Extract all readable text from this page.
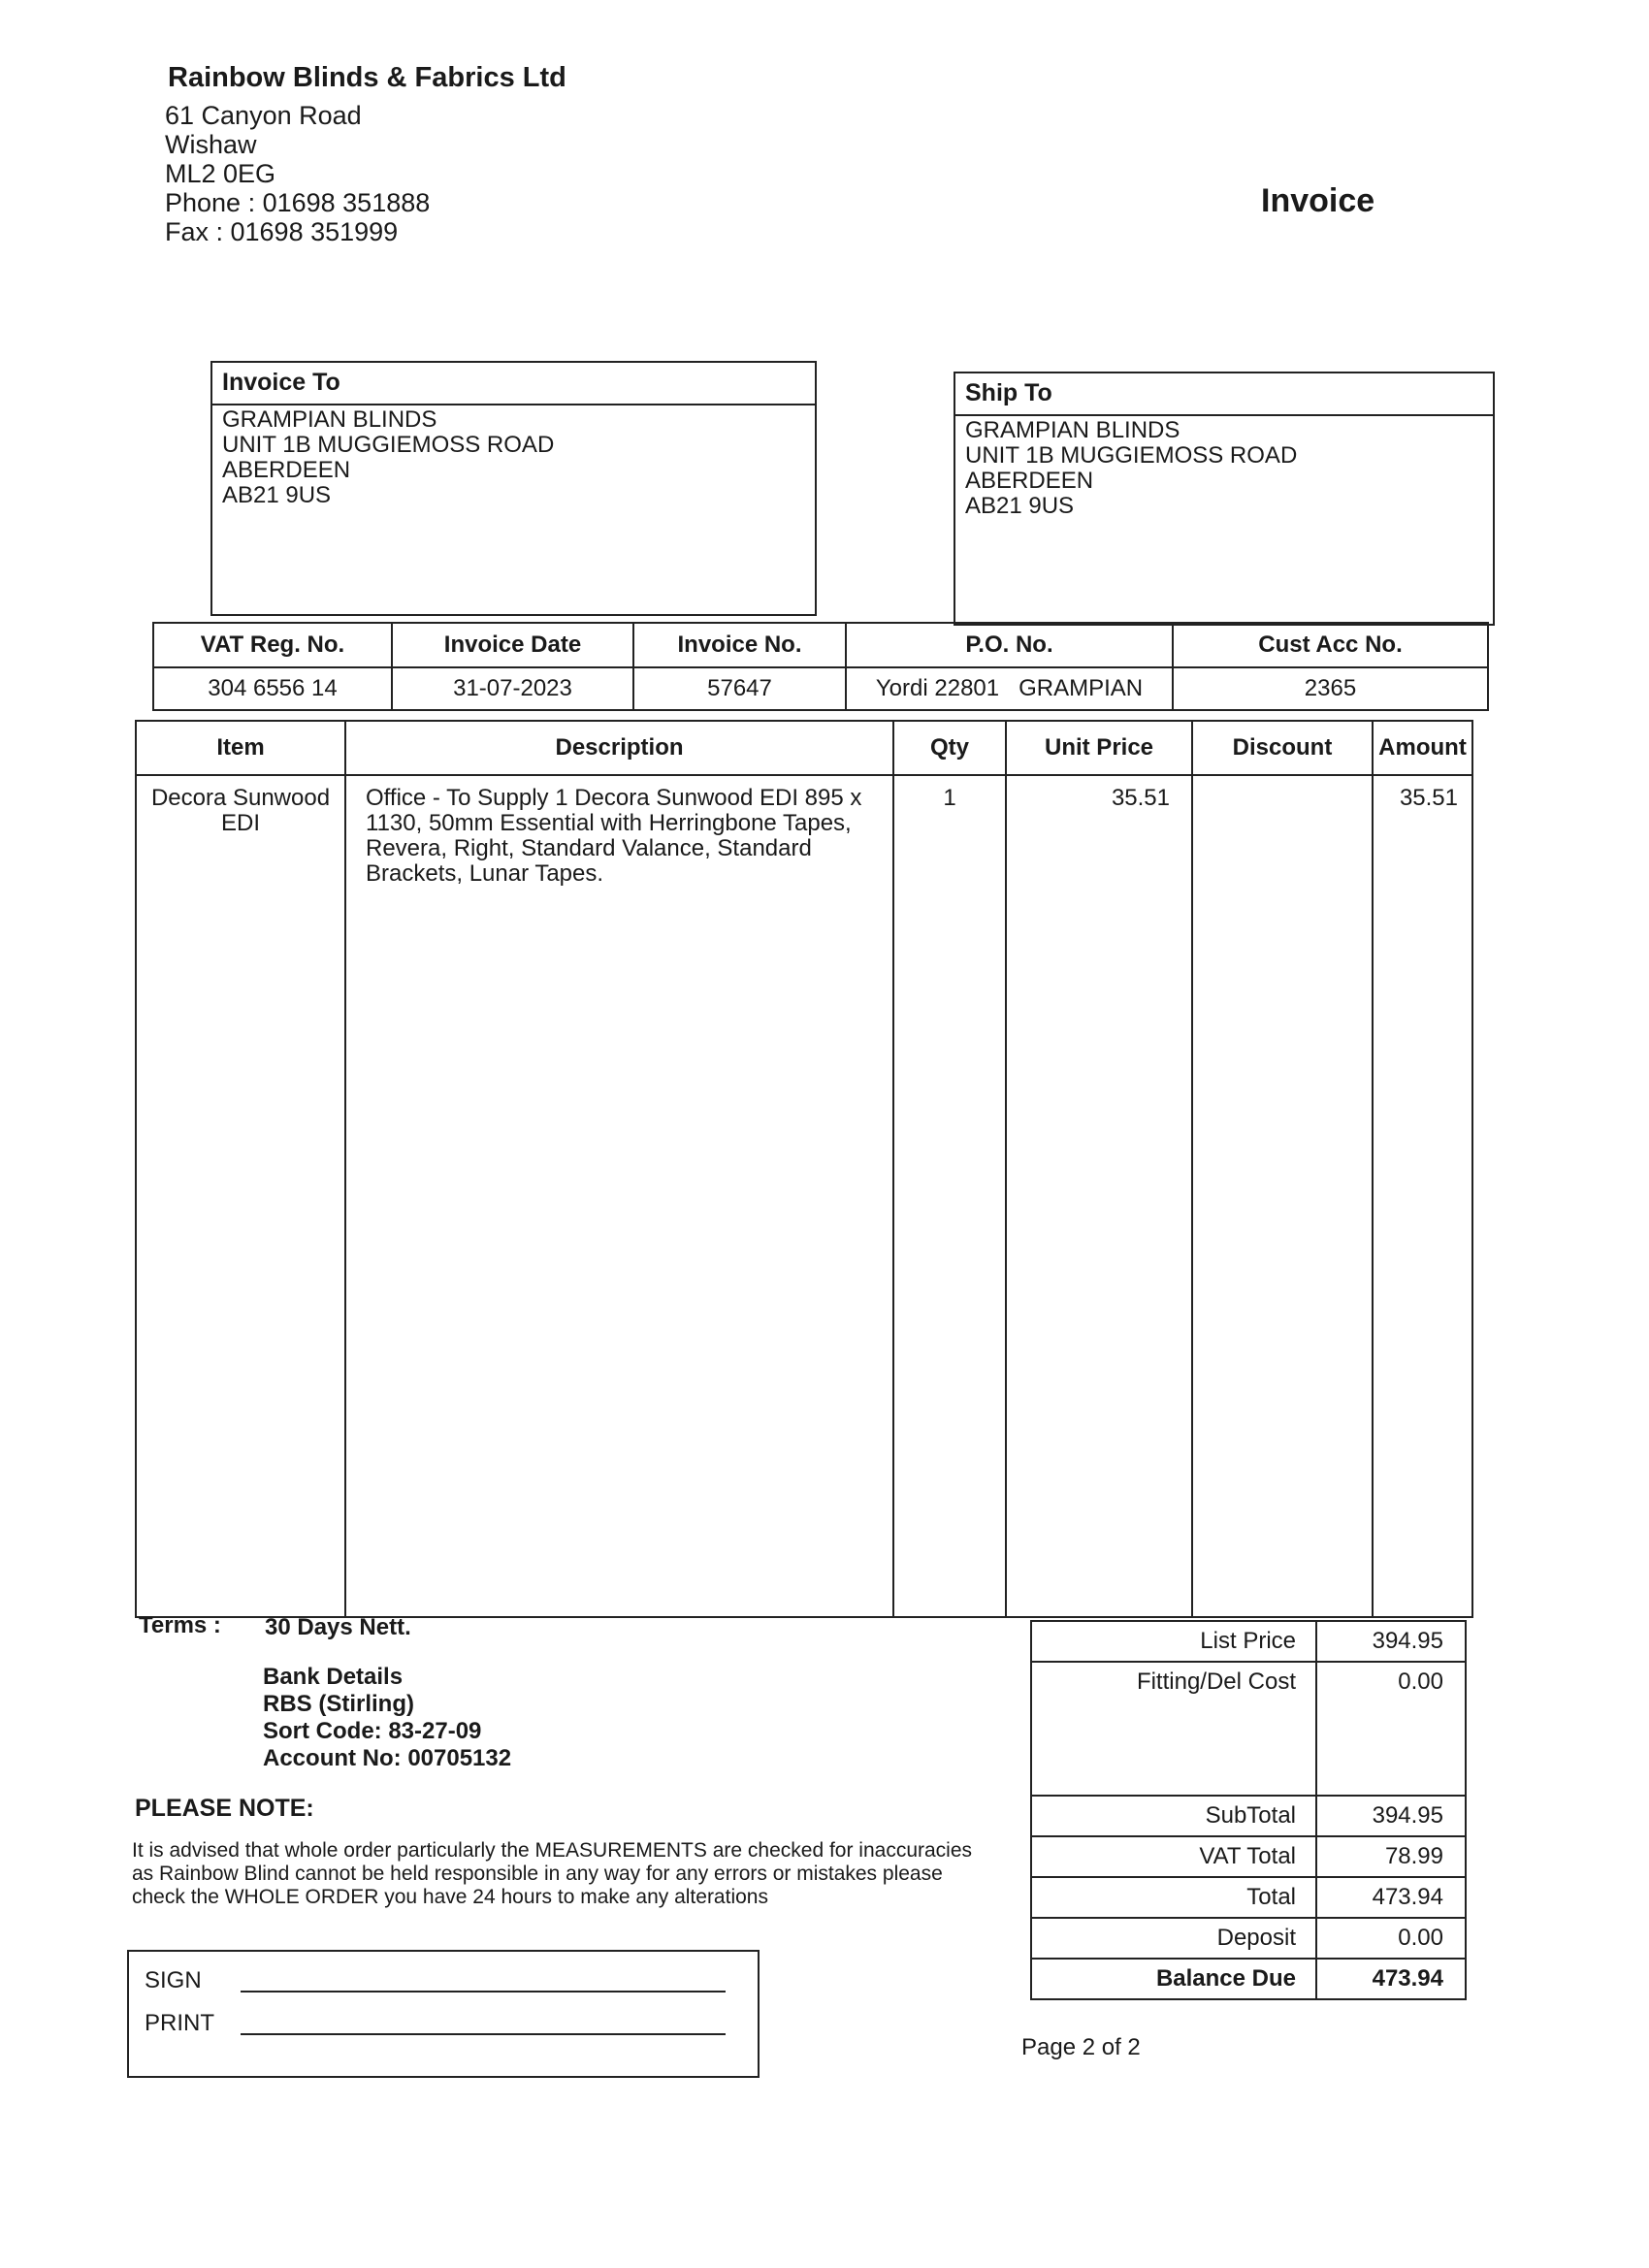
Rainbow Blinds & Fabrics Ltd
61 Canyon Road
Wishaw
ML2 0EG
Phone : 01698 351888
Fax : 01698 351999
Invoice
Invoice To
GRAMPIAN BLINDS
UNIT 1B MUGGIEMOSS ROAD
ABERDEEN
AB21 9US
Ship To
GRAMPIAN BLINDS
UNIT 1B MUGGIEMOSS ROAD
ABERDEEN
AB21 9US
VAT Reg. No.	Invoice Date	Invoice No.	P.O. No.	Cust Acc No.
304 6556 14	31-07-2023	57647	Yordi 22801   GRAMPIAN	2365
Item	Description	Qty	Unit Price	Discount	Amount
Decora Sunwood EDI	Office - To Supply 1 Decora Sunwood EDI 895 x 1130, 50mm Essential with Herringbone Tapes, Revera, Right, Standard Valance, Standard Brackets, Lunar Tapes.	1	35.51		35.51
Terms : 30 Days Nett.
Bank Details
RBS (Stirling)
Sort Code: 83-27-09
Account No: 00705132
PLEASE NOTE:
It is advised that whole order particularly the MEASUREMENTS are checked for inaccuracies as Rainbow Blind cannot be held responsible in any way for any errors or mistakes please check the WHOLE ORDER you have 24 hours to make any alterations
SIGN
PRINT
List Price	394.95
Fitting/Del Cost	0.00
SubTotal	394.95
VAT Total	78.99
Total	473.94
Deposit	0.00
Balance Due	473.94
Page 2 of 2
